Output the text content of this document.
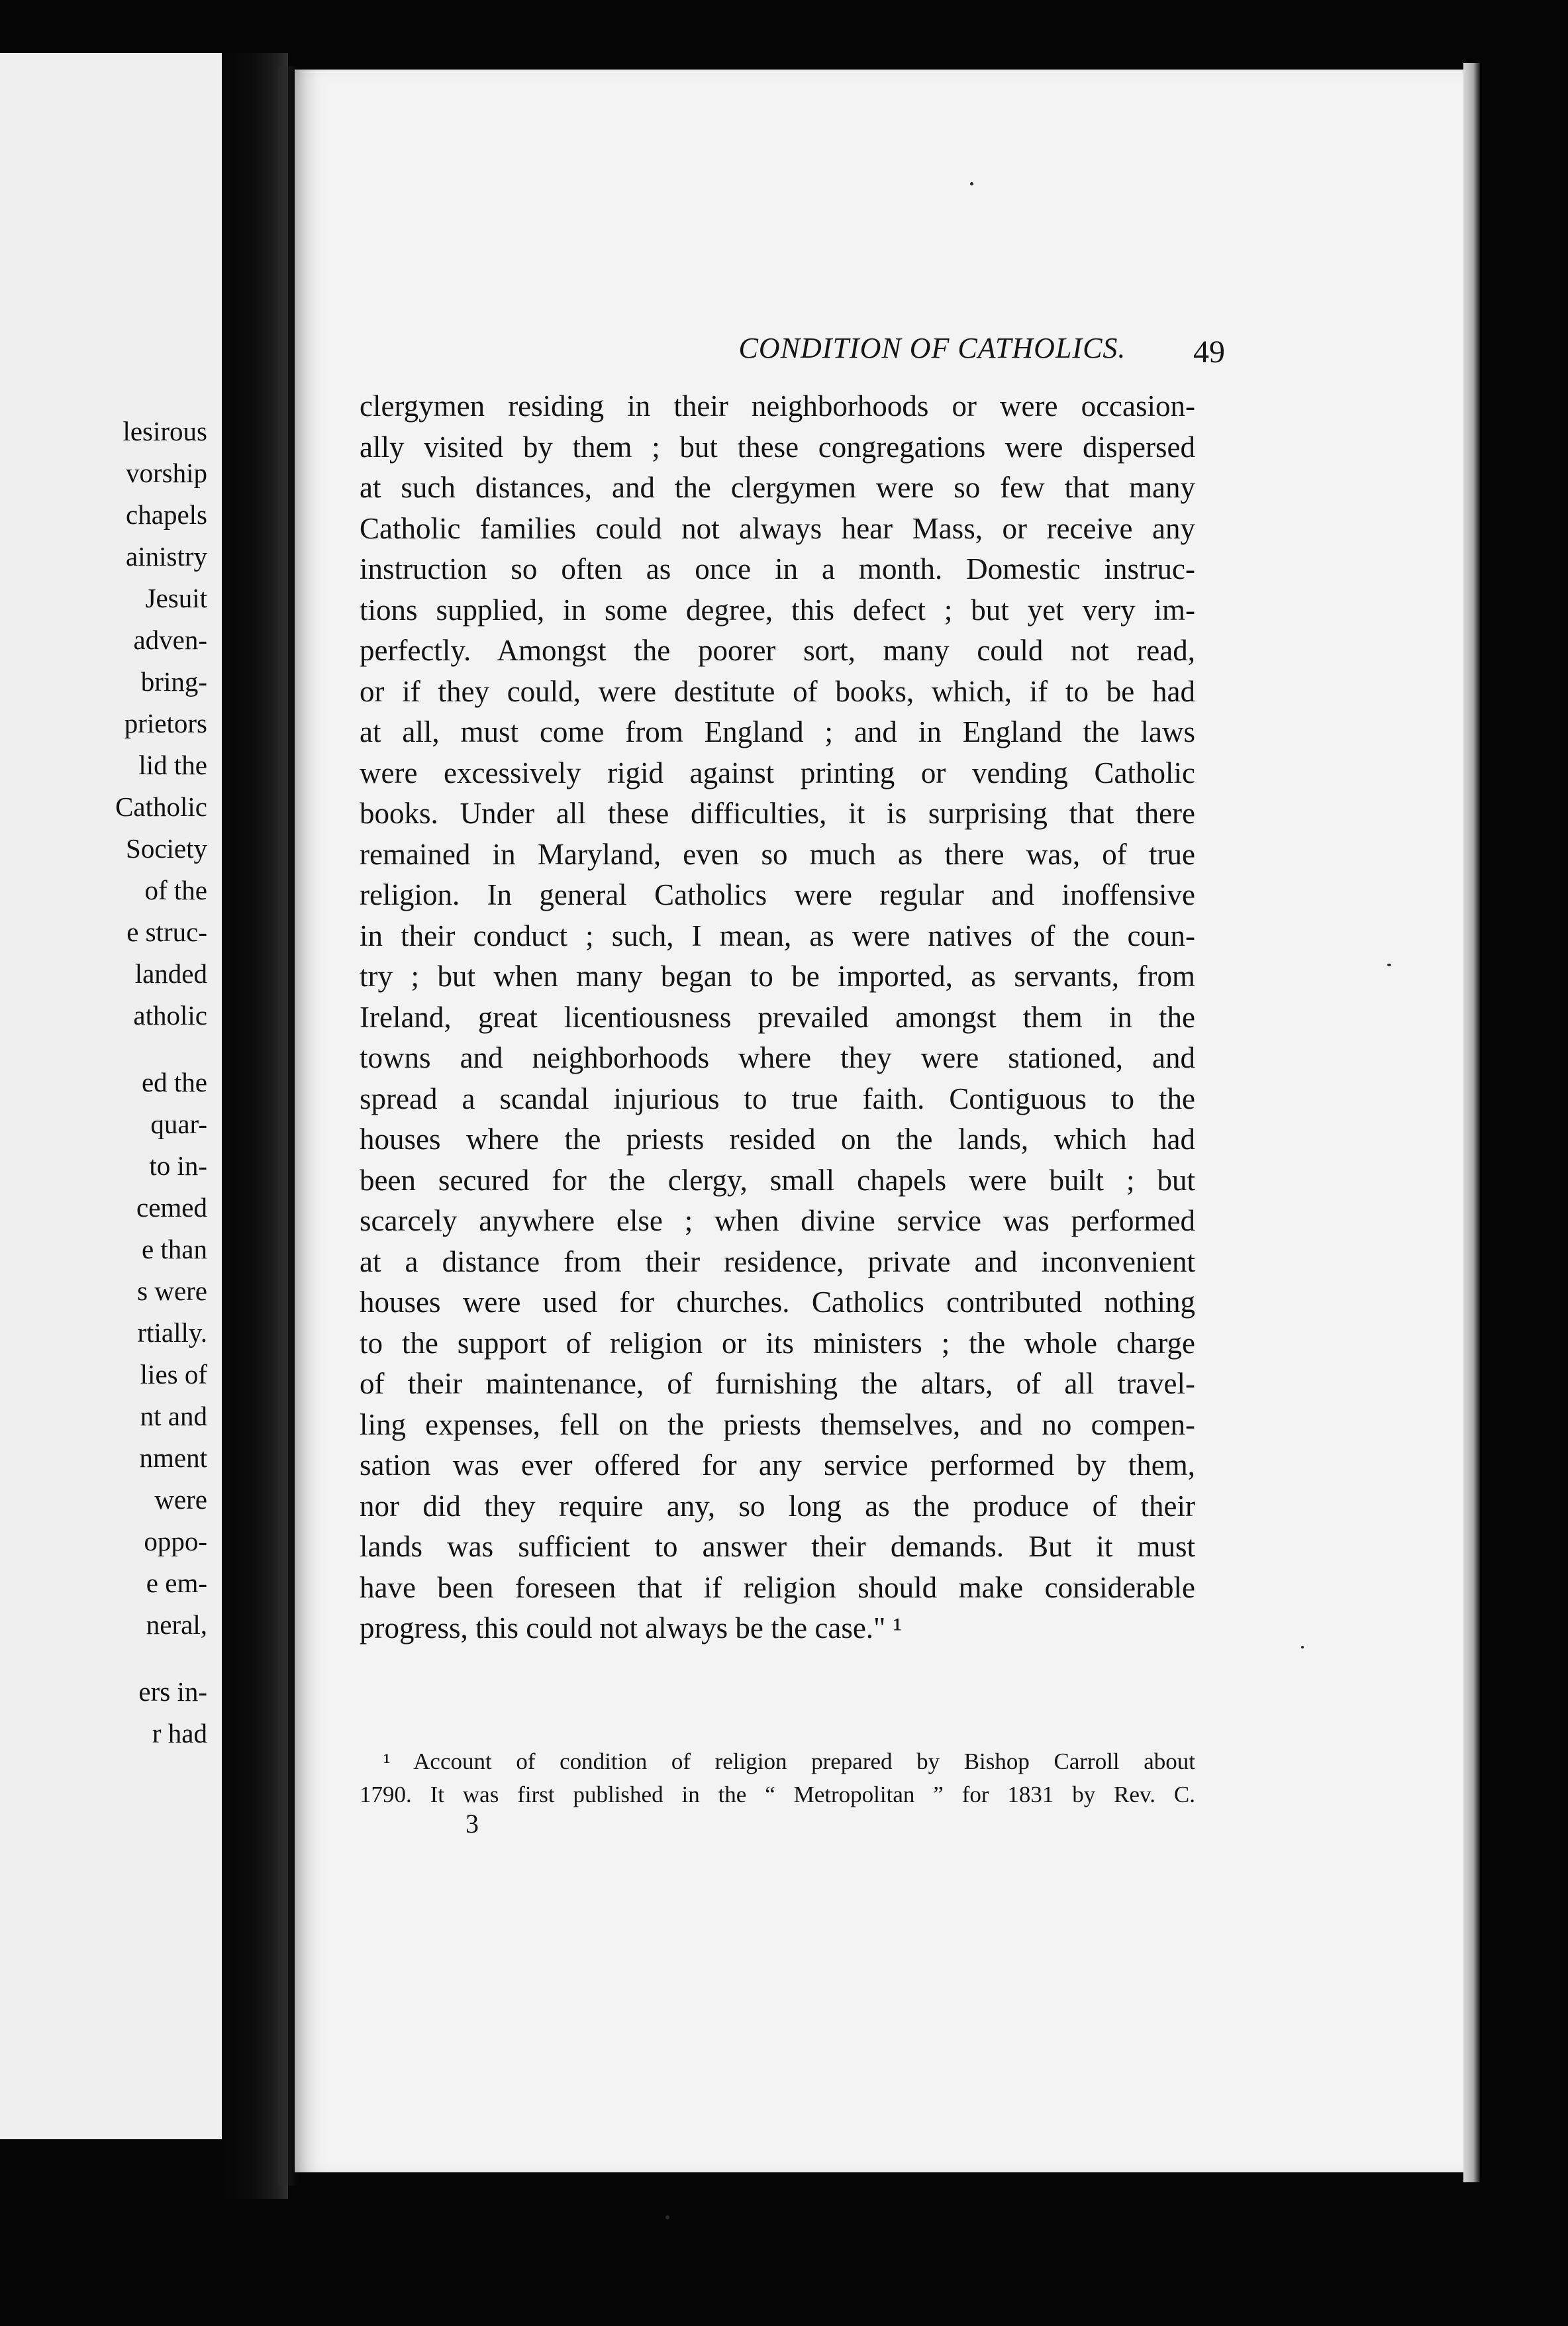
lesirous
vorship
chapels
ainistry
Jesuit
adven-
bring-
prietors
lid the
Catholic
Society
of the
e struc-
landed
atholic
ed the
quar-
to in-
cemed
e than
s were
rtially.
lies of
nt and
nment
were
oppo-
e em-
neral,
ers in-
r had
CONDITION OF CATHOLICS.	49
clergymen residing in their neighborhoods or were occasion-
ally visited by them ; but these congregations were dispersed
at such distances, and the clergymen were so few that many
Catholic families could not always hear Mass, or receive any
instruction so often as once in a month. Domestic instruc-
tions supplied, in some degree, this defect ; but yet very im-
perfectly. Amongst the poorer sort, many could not read,
or if they could, were destitute of books, which, if to be had
at all, must come from England ; and in England the laws
were excessively rigid against printing or vending Catholic
books. Under all these difficulties, it is surprising that there
remained in Maryland, even so much as there was, of true
religion. In general Catholics were regular and inoffensive
in their conduct ; such, I mean, as were natives of the coun-
try ; but when many began to be imported, as servants, from
Ireland, great licentiousness prevailed amongst them in the
towns and neighborhoods where they were stationed, and
spread a scandal injurious to true faith. Contiguous to the
houses where the priests resided on the lands, which had
been secured for the clergy, small chapels were built ; but
scarcely anywhere else ; when divine service was performed
at a distance from their residence, private and inconvenient
houses were used for churches. Catholics contributed nothing
to the support of religion or its ministers ; the whole charge
of their maintenance, of furnishing the altars, of all travel-
ling expenses, fell on the priests themselves, and no compen-
sation was ever offered for any service performed by them,
nor did they require any, so long as the produce of their
lands was sufficient to answer their demands. But it must
have been foreseen that if religion should make considerable
progress, this could not always be the case." ¹
¹ Account of condition of religion prepared by Bishop Carroll about
1790. It was first published in the “ Metropolitan ” for 1831 by Rev. C.
3
